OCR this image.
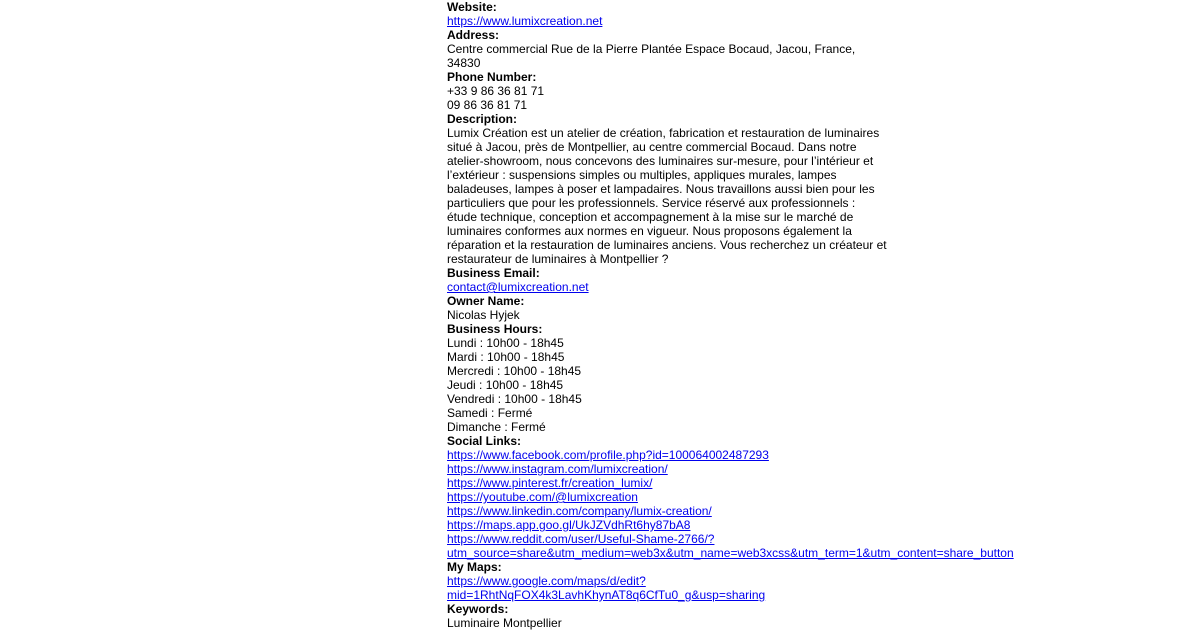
Website:
https://www.lumixcreation.net
Address:
Centre commercial Rue de la Pierre Plantée Espace Bocaud, Jacou, France, 34830
Phone Number:
+33 9 86 36 81 71
09 86 36 81 71
Description:
Lumix Création est un atelier de création, fabrication et restauration de luminaires situé à Jacou, près de Montpellier, au centre commercial Bocaud. Dans notre atelier-showroom, nous concevons des luminaires sur-mesure, pour l’intérieur et l’extérieur : suspensions simples ou multiples, appliques murales, lampes baladeuses, lampes à poser et lampadaires. Nous travaillons aussi bien pour les particuliers que pour les professionnels. Service réservé aux professionnels : étude technique, conception et accompagnement à la mise sur le marché de luminaires conformes aux normes en vigueur. Nous proposons également la réparation et la restauration de luminaires anciens. Vous recherchez un créateur et restaurateur de luminaires à Montpellier ?
Business Email:
contact@lumixcreation.net
Owner Name:
Nicolas Hyjek
Business Hours:
Lundi : 10h00 - 18h45
Mardi : 10h00 - 18h45
Mercredi : 10h00 - 18h45
Jeudi : 10h00 - 18h45
Vendredi : 10h00 - 18h45
Samedi : Fermé
Dimanche : Fermé
Social Links:
https://www.facebook.com/profile.php?id=100064002487293
https://www.instagram.com/lumixcreation/
https://www.pinterest.fr/creation_lumix/
https://youtube.com/@lumixcreation
https://www.linkedin.com/company/lumix-creation/
https://maps.app.goo.gl/UkJZVdhRt6hy87bA8
https://www.reddit.com/user/Useful-Shame-2766/?
utm_source=share&utm_medium=web3x&utm_name=web3xcss&utm_term=1&utm_content=share_button
My Maps:
https://www.google.com/maps/d/edit?
mid=1RhtNqFOX4k3LavhKhynAT8q6CfTu0_g&usp=sharing
Keywords:
Luminaire Montpellier
